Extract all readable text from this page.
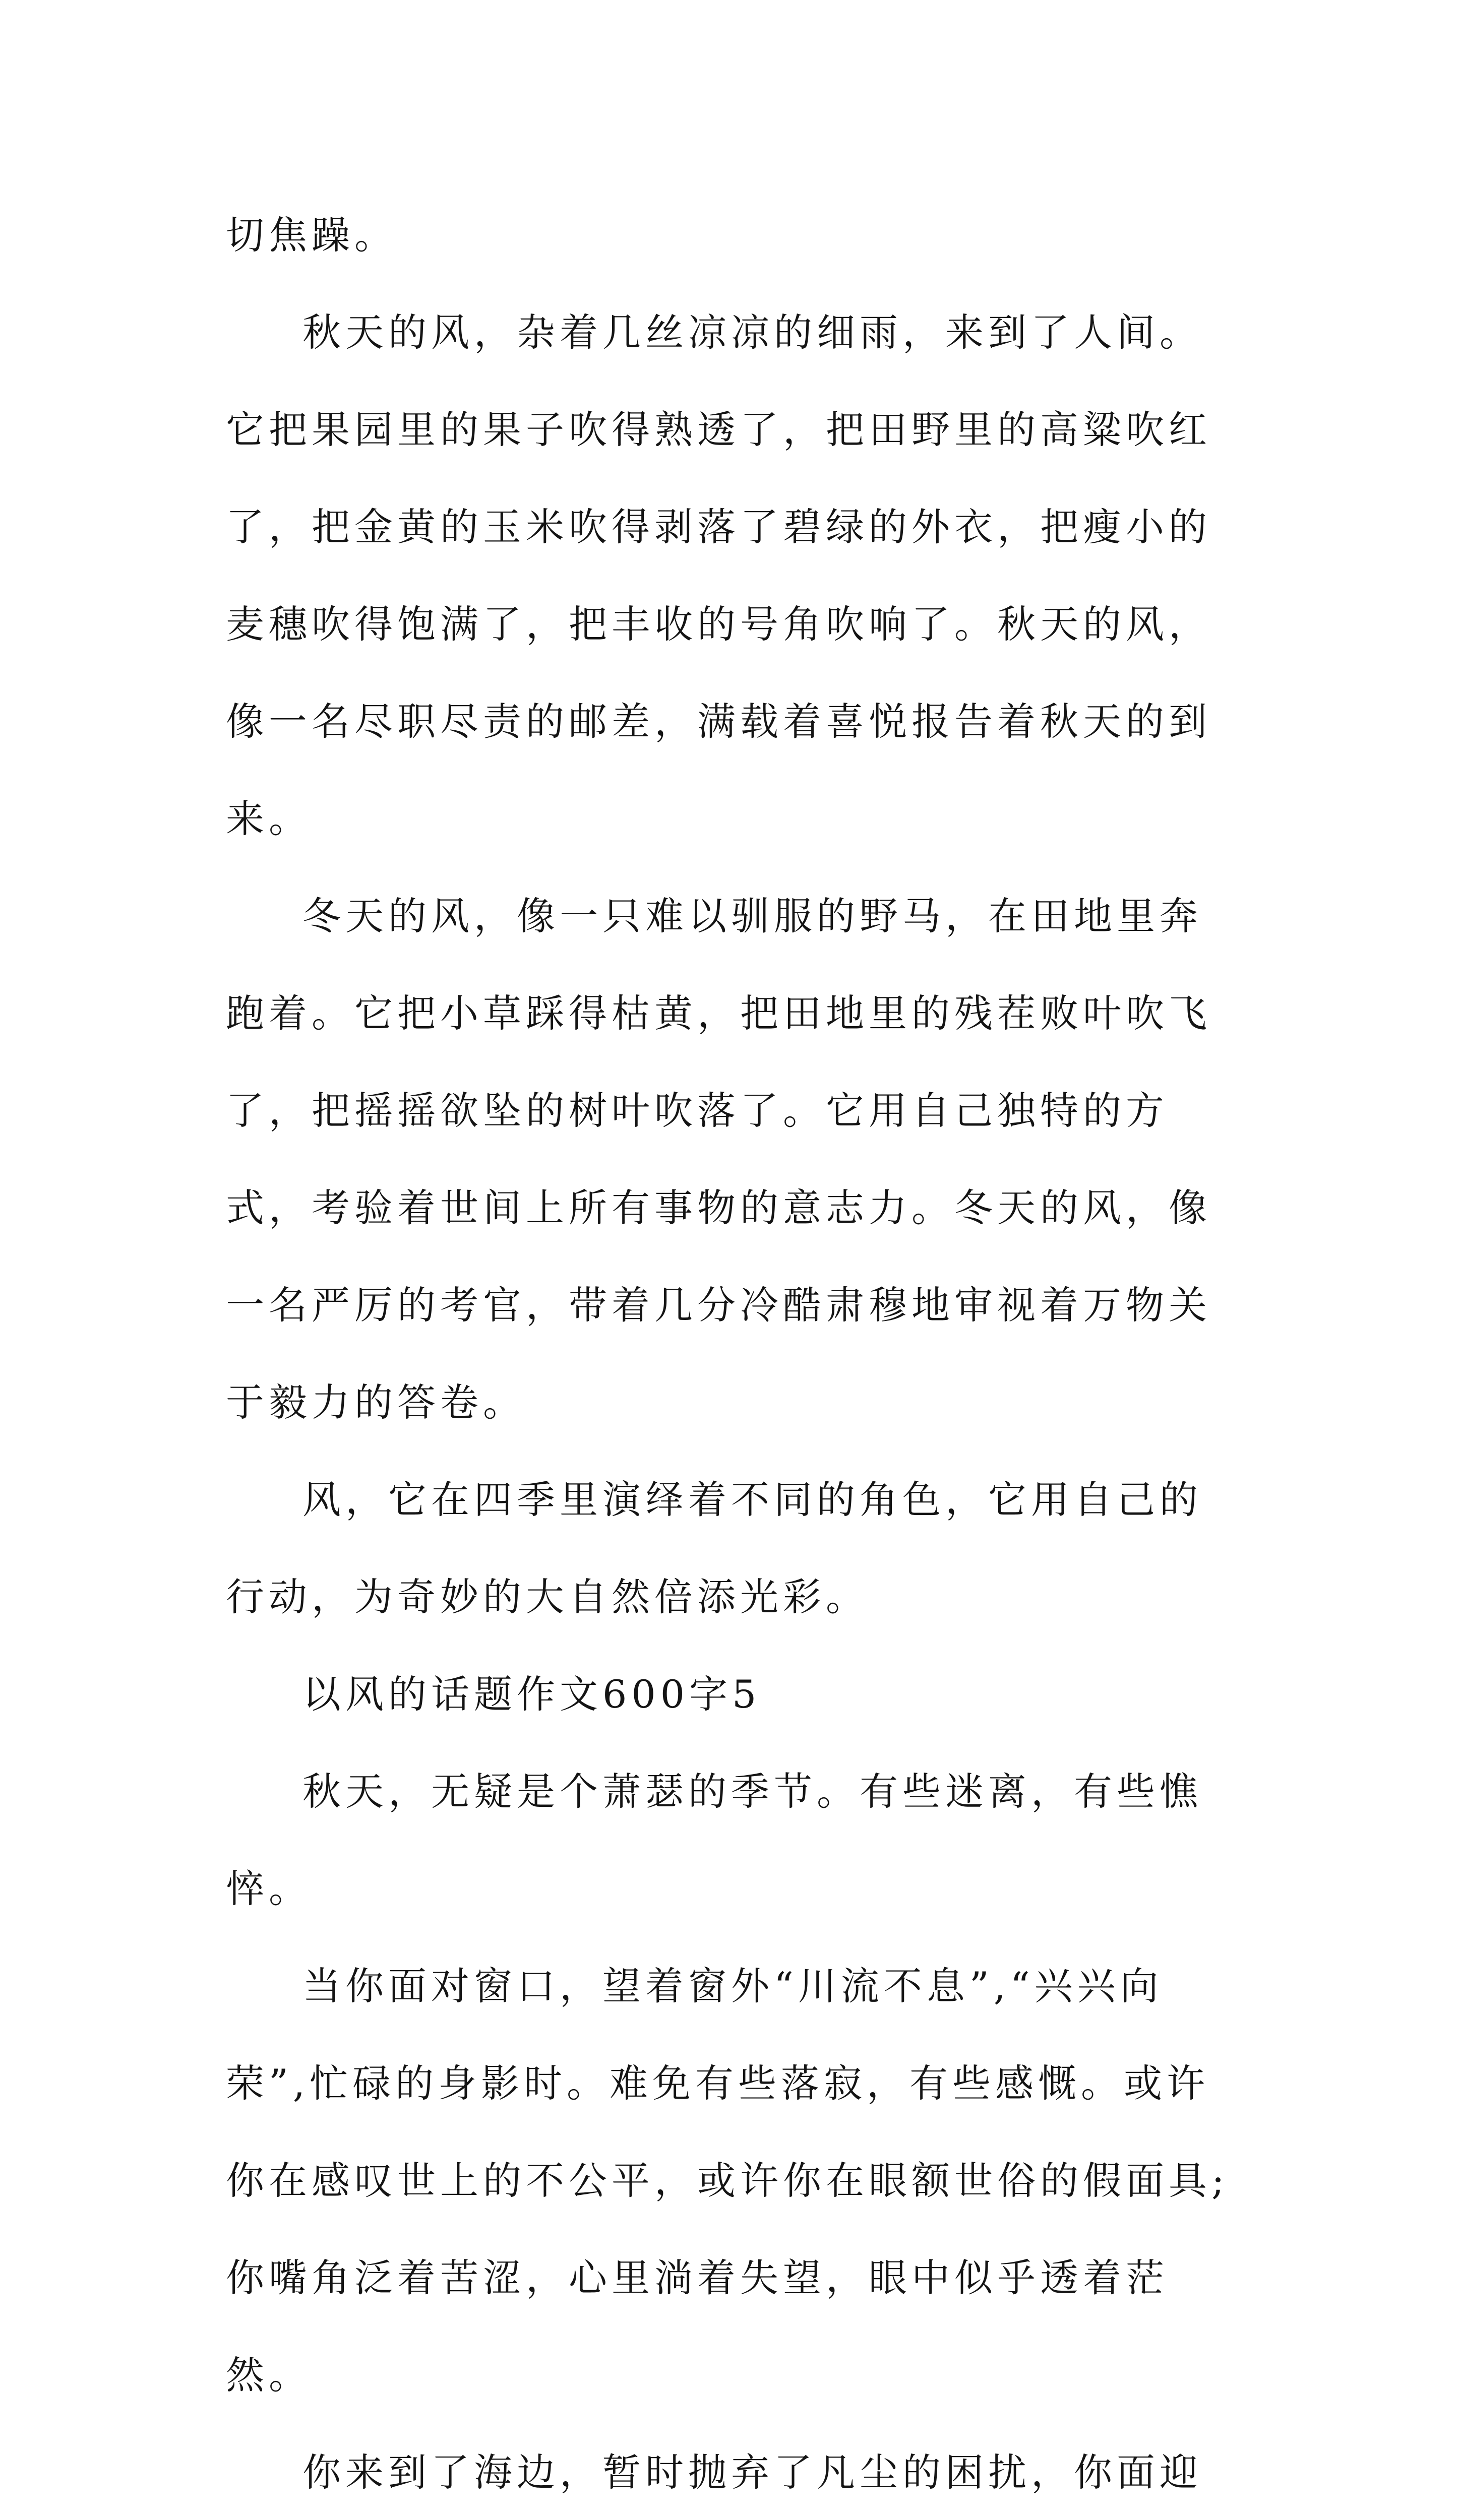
切焦躁。

秋天的风，杂着几丝凉凉的细雨，来到了人间。它把果园里的果子吹得熟透了，把田野里的高粱吹红了，把金黄的玉米吹得剥落了碧绿的外衣，把瘦小的麦穗吹得饱满了，把丰收的号角吹响了。秋天的风，像一名尽职尽责的邮差，满载着喜悦报告着秋天的到来。

冬天的风，像一只难以驯服的野马，在田地里奔跑着。它把小草踩得枯黄，把田地里的残茬败叶吹飞了，把摇摇欲坠的树叶吹落了。它用自己独特的方式，考验着世间上所有事物的意志力。冬天的风，像一名严厉的考官，带着几分冷酷肃穆地审视着万物关于毅力的答卷。

风，它在四季里演绎着不同的角色，它用自己的行动，为奇妙的大自然倍添光彩。

以风的话题作文600字5

秋天，无疑是个萧瑟的季节。有些迷离，有些憔悴。

当你面对窗口，望着窗外“川流不息”,“兴兴向荣”,忙碌的身影时。难免有些落寂，有些感慨。或许你在感叹世上的不公平，或许你在眼额世俗的假面具;你嘴角泛着苦涩，心里淌着失望，眼中似乎透着茫然。

你来到了海边，暂时抛弃了凡尘的困扰，你面迎
